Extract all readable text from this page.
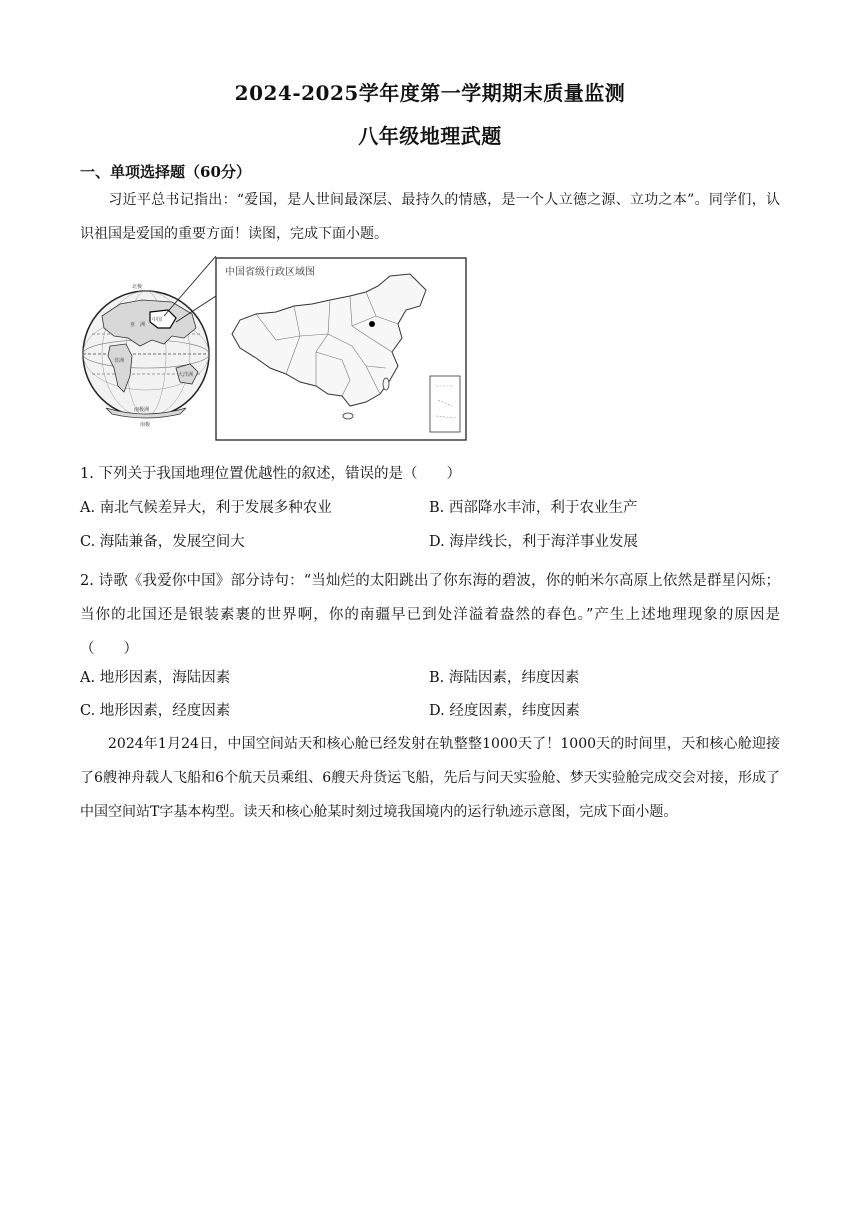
2024-2025学年度第一学期期末质量监测
八年级地理武题
一、单项选择题（60分）
习近平总书记指出：“爱国，是人世间最深层、最持久的情感，是一个人立德之源、立功之本”。同学们，认识祖国是爱国的重要方面！读图，完成下面小题。
北极
南极
中国
亚　洲
非洲
大洋洲
南极洲
中国省级行政区域图
1. 下列关于我国地理位置优越性的叙述，错误的是（　　）
A. 南北气候差异大，利于发展多种农业	B. 西部降水丰沛，利于农业生产
C. 海陆兼备，发展空间大	D. 海岸线长，利于海洋事业发展
2. 诗歌《我爱你中国》部分诗句：“当灿烂的太阳跳出了你东海的碧波，你的帕米尔高原上依然是群星闪烁；当你的北国还是银装素裹的世界啊，你的南疆早已到处洋溢着盎然的春色。”产生上述地理现象的原因是（　　）
A. 地形因素，海陆因素	B. 海陆因素，纬度因素
C. 地形因素，经度因素	D. 经度因素，纬度因素
2024年1月24日，中国空间站天和核心舱已经发射在轨整整1000天了！1000天的时间里，天和核心舱迎接了6艘神舟载人飞船和6个航天员乘组、6艘天舟货运飞船，先后与问天实验舱、梦天实验舱完成交会对接，形成了中国空间站T字基本构型。读天和核心舱某时刻过境我国境内的运行轨迹示意图，完成下面小题。
